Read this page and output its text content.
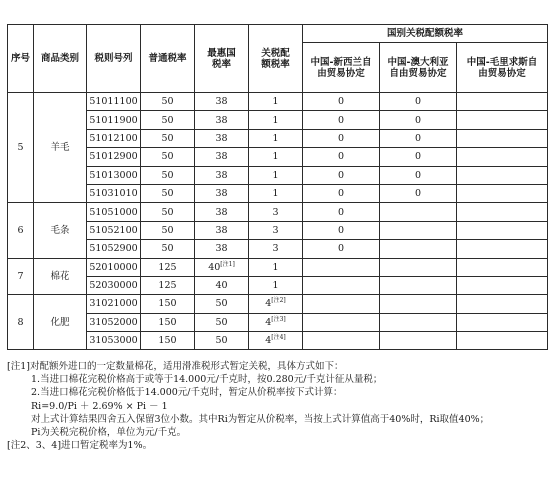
序号	商品类别	税则号列	普通税率	最惠国税率	关税配额税率	国别关税配额税率		
						中国-新西兰自由贸易协定	中国-澳大利亚自由贸易协定	中国-毛里求斯自由贸易协定
5	羊毛	51011100	50	38	1	0	0	
		51011900	50	38	1	0	0	
		51012100	50	38	1	0	0	
		51012900	50	38	1	0	0	
		51013000	50	38	1	0	0	
		51031010	50	38	1	0	0	
6	毛条	51051000	50	38	3	0		
		51052100	50	38	3	0		
		51052900	50	38	3	0		
7	棉花	52010000	125	40[注1]	1			
		52030000	125	40	1			
8	化肥	31021000	150	50	4[注2]			
		31052000	150	50	4[注3]			
		31053000	150	50	4[注4]			

[注1]对配额外进口的一定数量棉花，适用滑准税形式暂定关税，具体方式如下：

1.当进口棉花完税价格高于或等于14.000元/千克时，按0.280元/千克计征从量税；

2.当进口棉花完税价格低于14.000元/千克时，暂定从价税率按下式计算：

Ri=9.0/Pi ＋ 2.69% × Pi － 1

对上式计算结果四舍五入保留3位小数。其中Ri为暂定从价税率，当按上式计算值高于40%时，Ri取值40%；

Pi为关税完税价格，单位为元/千克。

[注2、3、4]进口暂定税率为1%。
